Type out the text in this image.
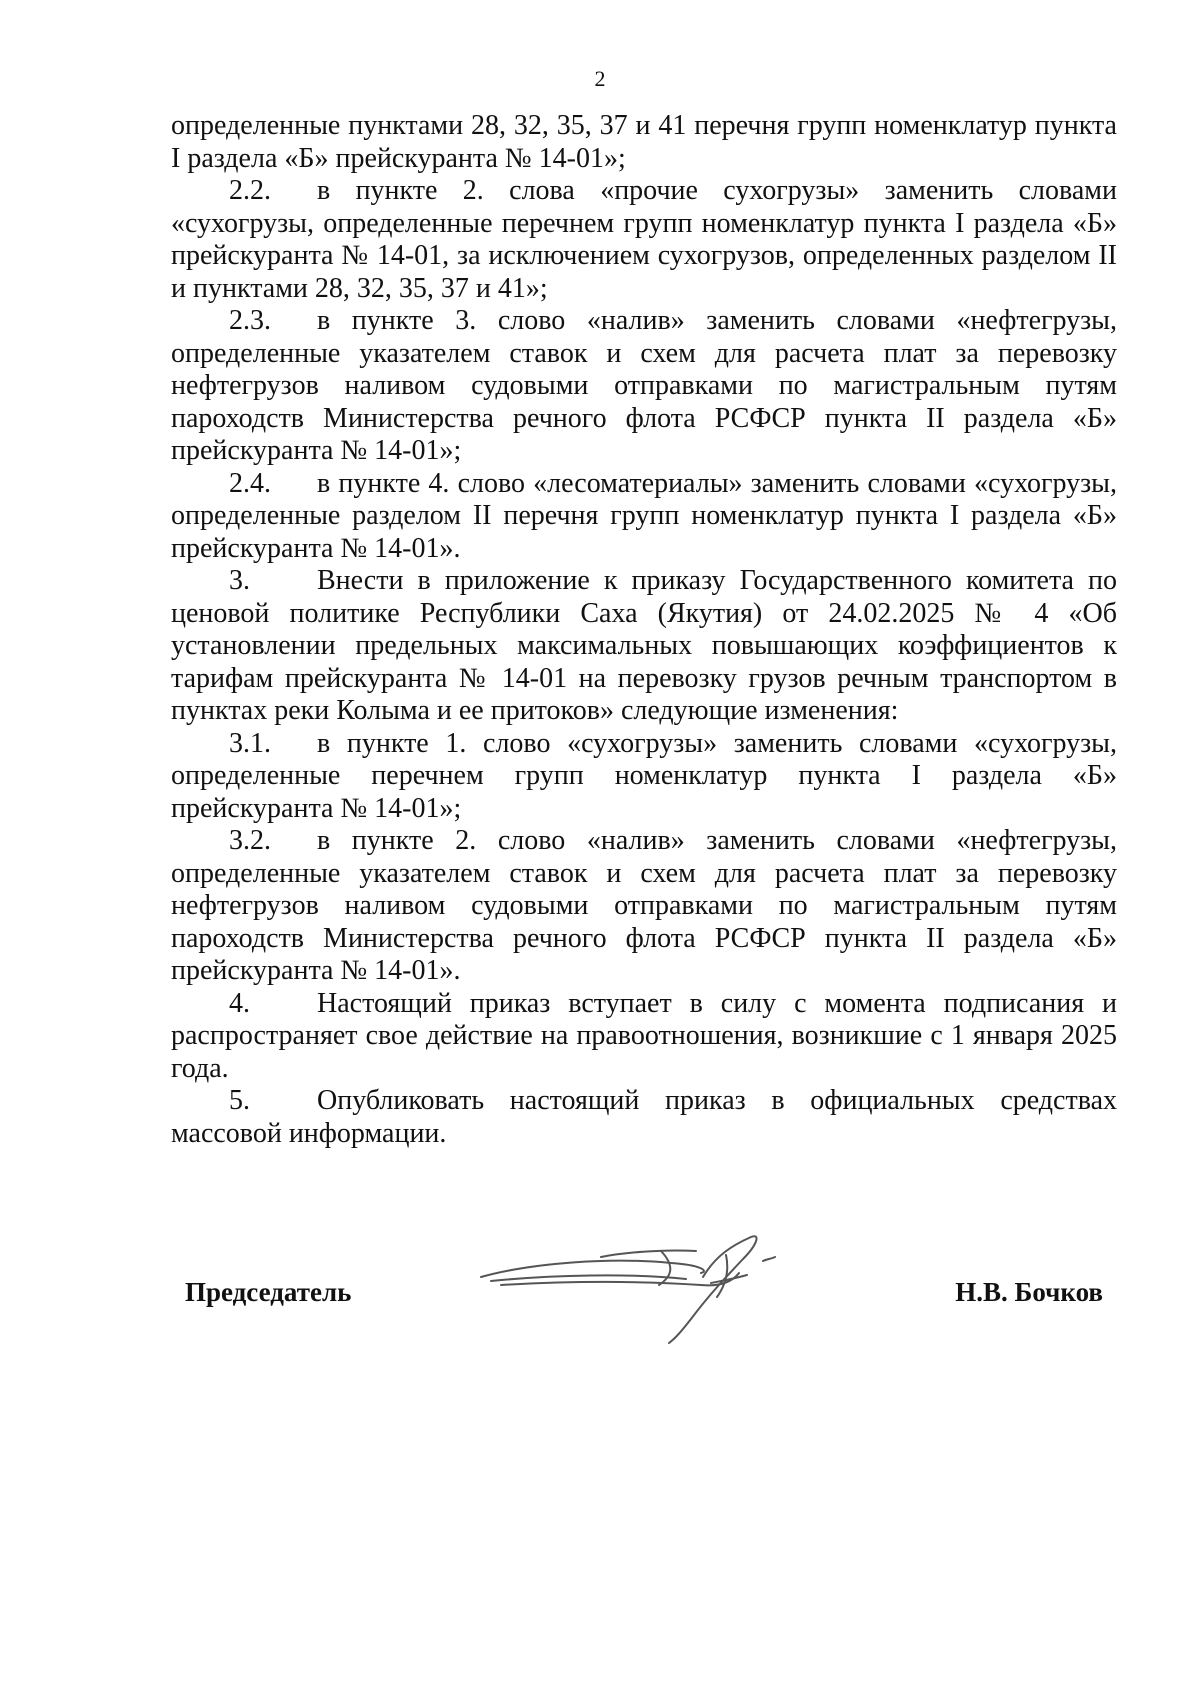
2

определенные пунктами 28, 32, 35, 37 и 41 перечня групп номенклатур пункта I раздела «Б» прейскуранта № 14-01»;

2.2. в пункте 2. слова «прочие сухогрузы» заменить словами «сухогрузы, определенные перечнем групп номенклатур пункта I раздела «Б» прейскуранта № 14-01, за исключением сухогрузов, определенных разделом II и пунктами 28, 32, 35, 37 и 41»;

2.3. в пункте 3. слово «налив» заменить словами «нефтегрузы, определенные указателем ставок и схем для расчета плат за перевозку нефтегрузов наливом судовыми отправками по магистральным путям пароходств Министерства речного флота РСФСР пункта II раздела «Б» прейскуранта № 14-01»;

2.4. в пункте 4. слово «лесоматериалы» заменить словами «сухогрузы, определенные разделом II перечня групп номенклатур пункта I раздела «Б» прейскуранта № 14-01».

3. Внести в приложение к приказу Государственного комитета по ценовой политике Республики Саха (Якутия) от 24.02.2025 № 4 «Об установлении предельных максимальных повышающих коэффициентов к тарифам прейскуранта № 14-01 на перевозку грузов речным транспортом в пунктах реки Колыма и ее притоков» следующие изменения:

3.1. в пункте 1. слово «сухогрузы» заменить словами «сухогрузы, определенные перечнем групп номенклатур пункта I раздела «Б» прейскуранта № 14-01»;

3.2. в пункте 2. слово «налив» заменить словами «нефтегрузы, определенные указателем ставок и схем для расчета плат за перевозку нефтегрузов наливом судовыми отправками по магистральным путям пароходств Министерства речного флота РСФСР пункта II раздела «Б» прейскуранта № 14-01».

4. Настоящий приказ вступает в силу с момента подписания и распространяет свое действие на правоотношения, возникшие с 1 января 2025 года.

5. Опубликовать настоящий приказ в официальных средствах массовой информации.

Председатель	Н.В. Бочков
